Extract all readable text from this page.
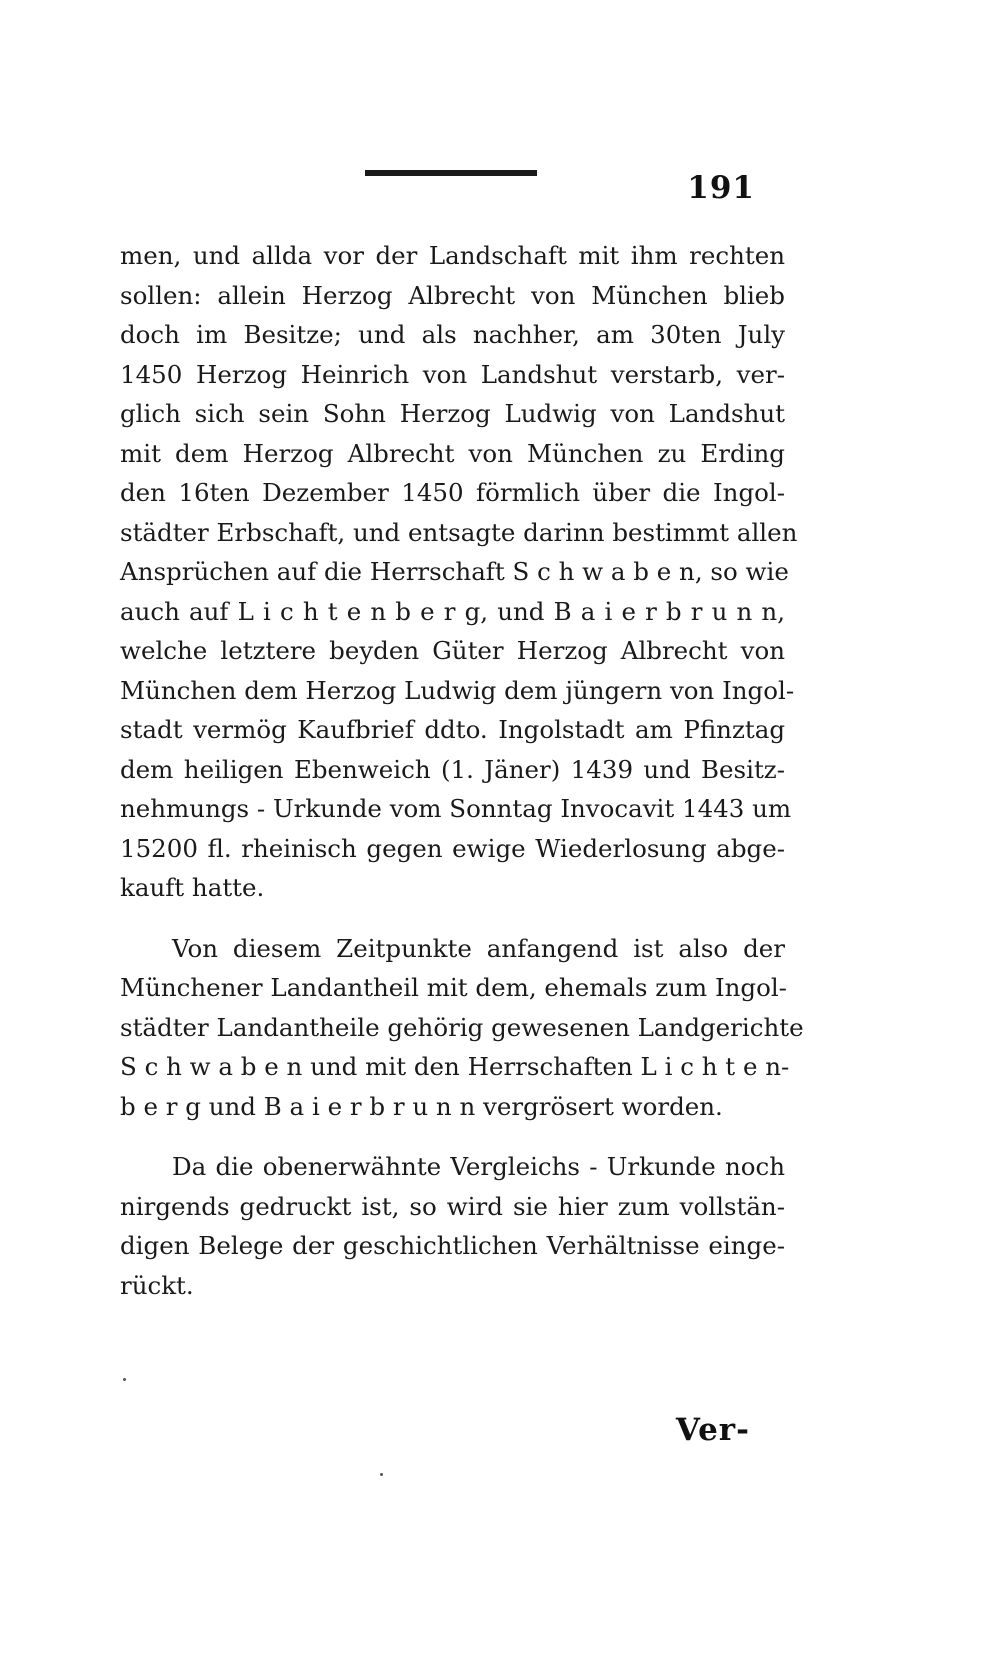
191
men, und allda vor der Landschaft mit ihm rechten
sollen: allein Herzog Albrecht von München blieb
doch im Besitze; und als nachher, am 30ten July
1450 Herzog Heinrich von Landshut verstarb, ver-
glich sich sein Sohn Herzog Ludwig von Landshut
mit dem Herzog Albrecht von München zu Erding
den 16ten Dezember 1450 förmlich über die Ingol-
städter Erbschaft, und entsagte darinn bestimmt allen
Ansprüchen auf die Herrschaft S c h w a b e n, so wie
auch auf L i c h t e n b e r g, und B a i e r b r u n n,
welche letztere beyden Güter Herzog Albrecht von
München dem Herzog Ludwig dem jüngern von Ingol-
stadt vermög Kaufbrief ddto. Ingolstadt am Pfinztag
dem heiligen Ebenweich (1. Jäner) 1439 und Besitz-
nehmungs - Urkunde vom Sonntag Invocavit 1443 um
15200 fl. rheinisch gegen ewige Wiederlosung abge-
kauft hatte.
Von diesem Zeitpunkte anfangend ist also der
Münchener Landantheil mit dem, ehemals zum Ingol-
städter Landantheile gehörig gewesenen Landgerichte
S c h w a b e n und mit den Herrschaften L i c h t e n-
b e r g und B a i e r b r u n n vergrösert worden.
Da die obenerwähnte Vergleichs - Urkunde noch
nirgends gedruckt ist, so wird sie hier zum vollstän-
digen Belege der geschichtlichen Verhältnisse einge-
rückt.
Ver-
